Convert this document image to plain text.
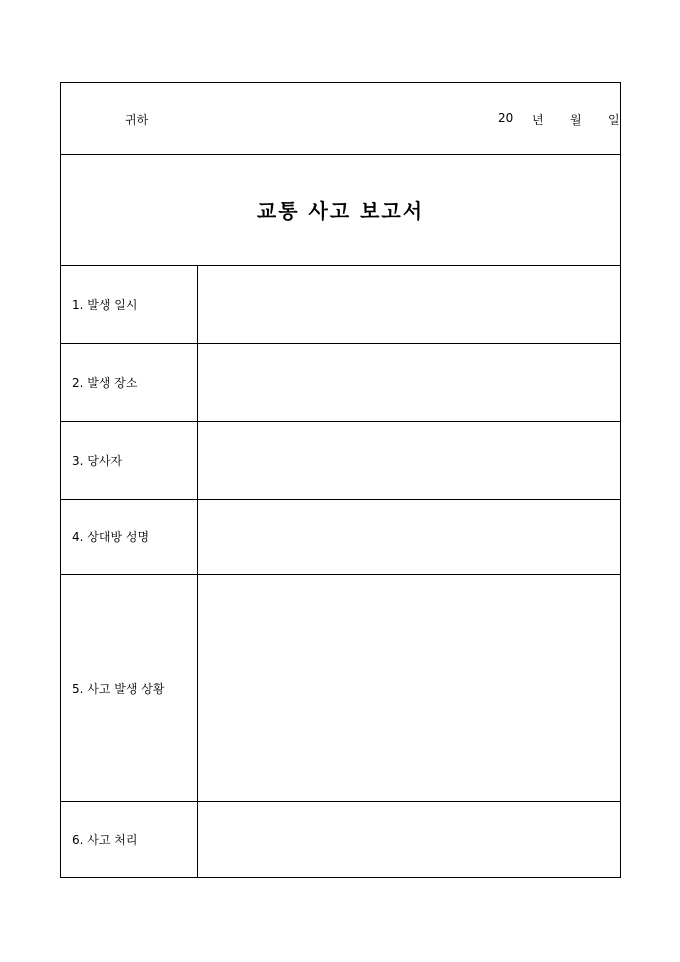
귀하	20 년 월 일
교통 사고 보고서
1. 발생 일시
2. 발생 장소
3. 당사자
4. 상대방 성명
5. 사고 발생 상황
6. 사고 처리
